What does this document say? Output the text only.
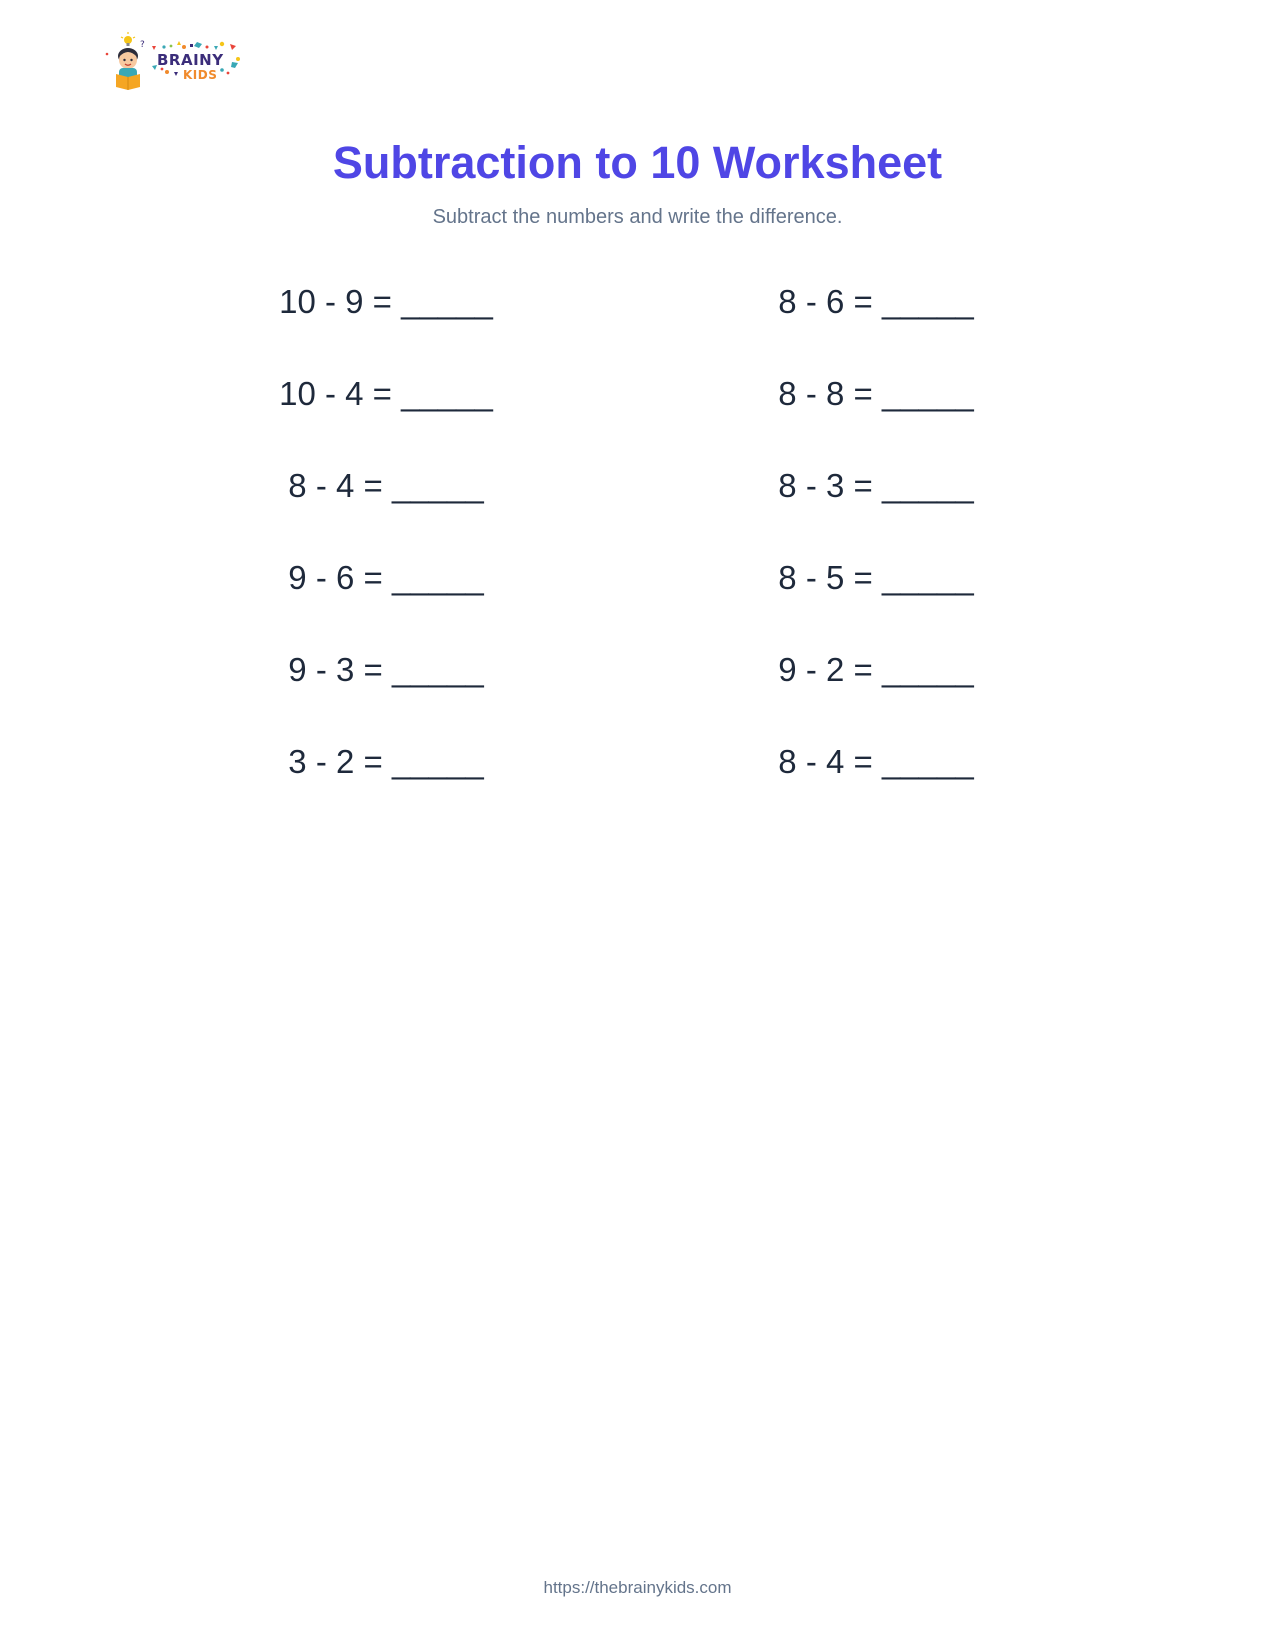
?
BRAINY
KIDS
Subtraction to 10 Worksheet
Subtract the numbers and write the difference.
10 - 9 = _____
10 - 4 = _____
8 - 4 = _____
9 - 6 = _____
9 - 3 = _____
3 - 2 = _____
8 - 6 = _____
8 - 8 = _____
8 - 3 = _____
8 - 5 = _____
9 - 2 = _____
8 - 4 = _____
https://thebrainykids.com
